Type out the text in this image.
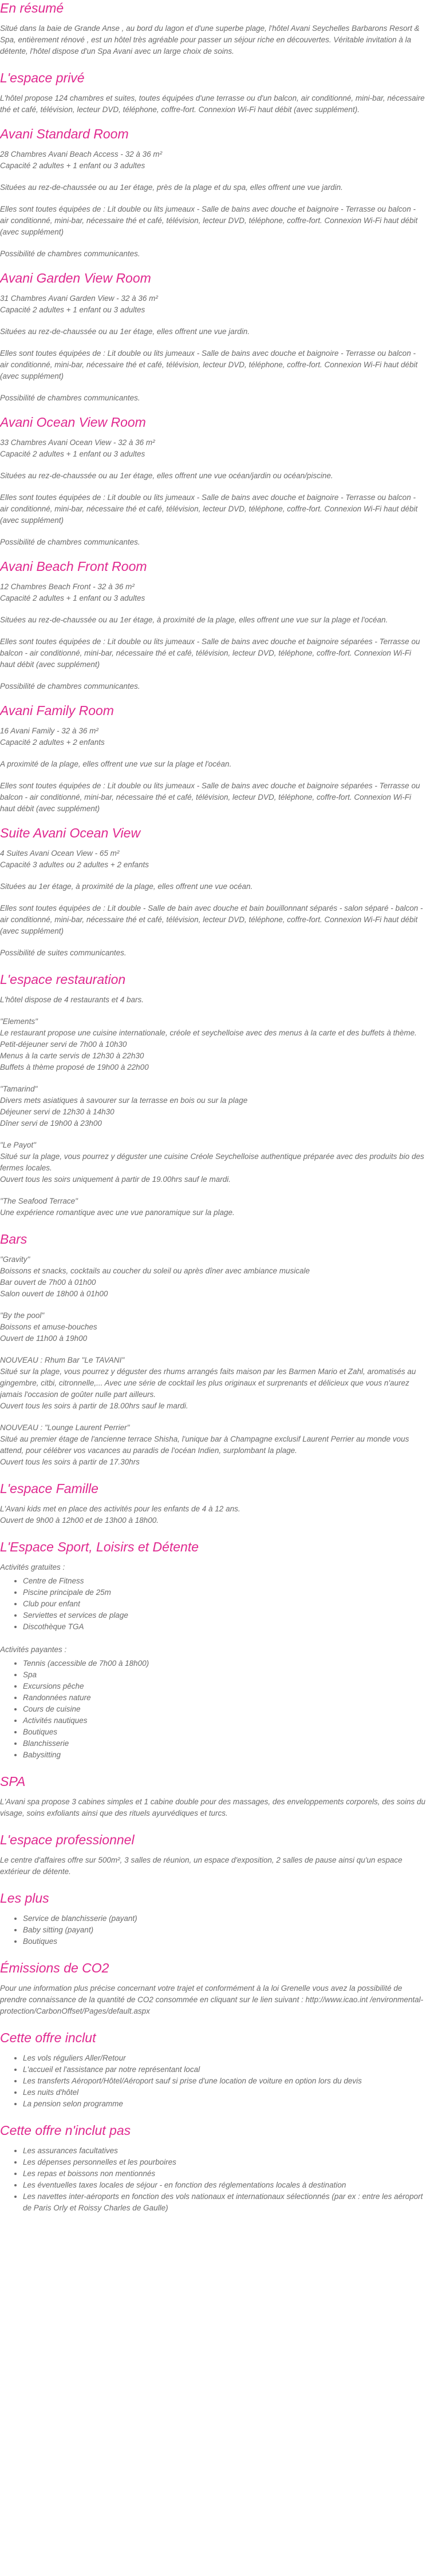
En résumé

Situé dans la baie de Grande Anse , au bord du lagon et d'une superbe plage, l'hôtel Avani Seychelles Barbarons Resort & Spa, entièrement rénové , est un hôtel très agréable pour passer un séjour riche en découvertes. Véritable invitation à la détente, l'hôtel dispose d'un Spa Avani avec un large choix de soins.

L'espace privé

L'hôtel propose 124 chambres et suites, toutes équipées d'une terrasse ou d'un balcon, air conditionné, mini-bar, nécessaire thé et café, télévision, lecteur DVD, téléphone, coffre-fort. Connexion Wi-Fi haut débit (avec supplément).

Avani Standard Room

28 Chambres Avani Beach Access - 32 à 36 m²

Capacité 2 adultes + 1 enfant ou 3 adultes

Situées au rez-de-chaussée ou au 1er étage, près de la plage et du spa, elles offrent une vue jardin.

Elles sont toutes équipées de : Lit double ou lits jumeaux - Salle de bains avec douche et baignoire - Terrasse ou balcon - air conditionné, mini-bar, nécessaire thé et café, télévision, lecteur DVD, téléphone, coffre-fort. Connexion Wi-Fi haut débit (avec supplément)

Possibilité de chambres communicantes.

Avani Garden View Room

31 Chambres Avani Garden View - 32 à 36 m²

Capacité 2 adultes + 1 enfant ou 3 adultes

Situées au rez-de-chaussée ou au 1er étage, elles offrent une vue jardin.

Elles sont toutes équipées de : Lit double ou lits jumeaux - Salle de bains avec douche et baignoire - Terrasse ou balcon - air conditionné, mini-bar, nécessaire thé et café, télévision, lecteur DVD, téléphone, coffre-fort. Connexion Wi-Fi haut débit (avec supplément)

Possibilité de chambres communicantes.

Avani Ocean View Room

33 Chambres Avani Ocean View - 32 à 36 m²

Capacité 2 adultes + 1 enfant ou 3 adultes

Situées au rez-de-chaussée ou au 1er étage, elles offrent une vue océan/jardin ou océan/piscine.

Elles sont toutes équipées de : Lit double ou lits jumeaux - Salle de bains avec douche et baignoire - Terrasse ou balcon - air conditionné, mini-bar, nécessaire thé et café, télévision, lecteur DVD, téléphone, coffre-fort. Connexion Wi-Fi haut débit (avec supplément)

Possibilité de chambres communicantes.

Avani Beach Front Room

12 Chambres Beach Front - 32 à 36 m²

Capacité 2 adultes + 1 enfant ou 3 adultes

Situées au rez-de-chaussée ou au 1er étage, à proximité de la plage, elles offrent une vue sur la plage et l'océan.

Elles sont toutes équipées de : Lit double ou lits jumeaux - Salle de bains avec douche et baignoire séparées - Terrasse ou balcon - air conditionné, mini-bar, nécessaire thé et café, télévision, lecteur DVD, téléphone, coffre-fort. Connexion Wi-Fi haut débit (avec supplément)

Possibilité de chambres communicantes.

Avani Family Room

16 Avani Family - 32 à 36 m²

Capacité 2 adultes + 2 enfants

A proximité de la plage, elles offrent une vue sur la plage et l'océan.

Elles sont toutes équipées de : Lit double ou lits jumeaux - Salle de bains avec douche et baignoire séparées - Terrasse ou balcon - air conditionné, mini-bar, nécessaire thé et café, télévision, lecteur DVD, téléphone, coffre-fort. Connexion Wi-Fi haut débit (avec supplément)

Suite Avani Ocean View

4 Suites Avani Ocean View - 65 m²

Capacité 3 adultes ou 2 adultes + 2 enfants

Situées au 1er étage, à proximité de la plage, elles offrent une vue océan.

Elles sont toutes équipées de : Lit double - Salle de bain avec douche et bain bouillonnant séparés - salon séparé - balcon - air conditionné, mini-bar, nécessaire thé et café, télévision, lecteur DVD, téléphone, coffre-fort. Connexion Wi-Fi haut débit (avec supplément)

Possibilité de suites communicantes.

L'espace restauration

L'hôtel dispose de 4 restaurants et 4 bars.

"Elements"

Le restaurant propose une cuisine internationale, créole et seychelloise avec des menus à la carte et des buffets à thème.

Petit-déjeuner servi de 7h00 à 10h30

Menus à la carte servis de 12h30 à 22h30

Buffets à thème proposé de 19h00 à 22h00

"Tamarind"

Divers mets asiatiques à savourer sur la terrasse en bois ou sur la plage

Déjeuner servi de 12h30 à 14h30

Dîner servi de 19h00 à 23h00

"Le Payot"

Situé sur la plage, vous pourrez y déguster une cuisine Créole Seychelloise authentique préparée avec des produits bio des fermes locales.

Ouvert tous les soirs uniquement à partir de 19.00hrs sauf le mardi.

"The Seafood Terrace"

Une expérience romantique avec une vue panoramique sur la plage.

Bars

"Gravity"

Boissons et snacks, cocktails au coucher du soleil ou après dîner avec ambiance musicale

Bar ouvert de 7h00 à 01h00

Salon ouvert de 18h00 à 01h00

"By the pool"

Boissons et amuse-bouches

Ouvert de 11h00 à 19h00

NOUVEAU : Rhum Bar "Le TAVANI"

Situé sur la plage, vous pourrez y déguster des rhums arrangés faits maison par les Barmen Mario et Zahl, aromatisés au gingembre, citbi, citronnelle,... Avec une série de cocktail les plus originaux et surprenants et délicieux que vous n'aurez jamais l'occasion de goûter nulle part ailleurs.

Ouvert tous les soirs à partir de 18.00hrs sauf le mardi.

NOUVEAU : "Lounge Laurent Perrier"

Situé au premier étage de l'ancienne terrace Shisha, l'unique bar à Champagne exclusif Laurent Perrier au monde vous attend, pour célébrer vos vacances au paradis de l'océan Indien, surplombant la plage.

Ouvert tous les soirs à partir de 17.30hrs

L'espace Famille

L'Avani kids met en place des activités pour les enfants de 4 à 12 ans.

Ouvert de 9h00 à 12h00 et de 13h00 à 18h00.

L'Espace Sport, Loisirs et Détente

Activités gratuites :

• Centre de Fitness
• Piscine principale de 25m
• Club pour enfant
• Serviettes et services de plage
• Discothèque TGA

Activités payantes :

• Tennis (accessible de 7h00 à 18h00)
• Spa
• Excursions pêche
• Randonnées nature
• Cours de cuisine
• Activités nautiques
• Boutiques
• Blanchisserie
• Babysitting
SPA

L'Avani spa propose 3 cabines simples et 1 cabine double pour des massages, des enveloppements corporels, des soins du visage, soins exfoliants ainsi que des rituels ayurvédiques et turcs.

L'espace professionnel

Le centre d'affaires offre sur 500m², 3 salles de réunion, un espace d'exposition, 2 salles de pause ainsi qu'un espace extérieur de détente.

Les plus
• Service de blanchisserie (payant)
• Baby sitting (payant)
• Boutiques
Émissions de CO2

Pour une information plus précise concernant votre trajet et conformément à la loi Grenelle vous avez la possibilité de prendre connaissance de la quantité de CO2 consommée en cliquant sur le lien suivant : http://www.icao.int /environmental-protection/CarbonOffset/Pages/default.aspx

Cette offre inclut
• Les vols réguliers Aller/Retour
• L'accueil et l'assistance par notre représentant local
• Les transferts Aéroport/Hôtel/Aéroport sauf si prise d'une location de voiture en option lors du devis
• Les nuits d'hôtel
• La pension selon programme
Cette offre n'inclut pas
• Les assurances facultatives
• Les dépenses personnelles et les pourboires
• Les repas et boissons non mentionnés
• Les éventuelles taxes locales de séjour - en fonction des réglementations locales à destination
• Les navettes inter-aéroports en fonction des vols nationaux et internationaux sélectionnés (par ex : entre les aéroport de Paris Orly et Roissy Charles de Gaulle)
